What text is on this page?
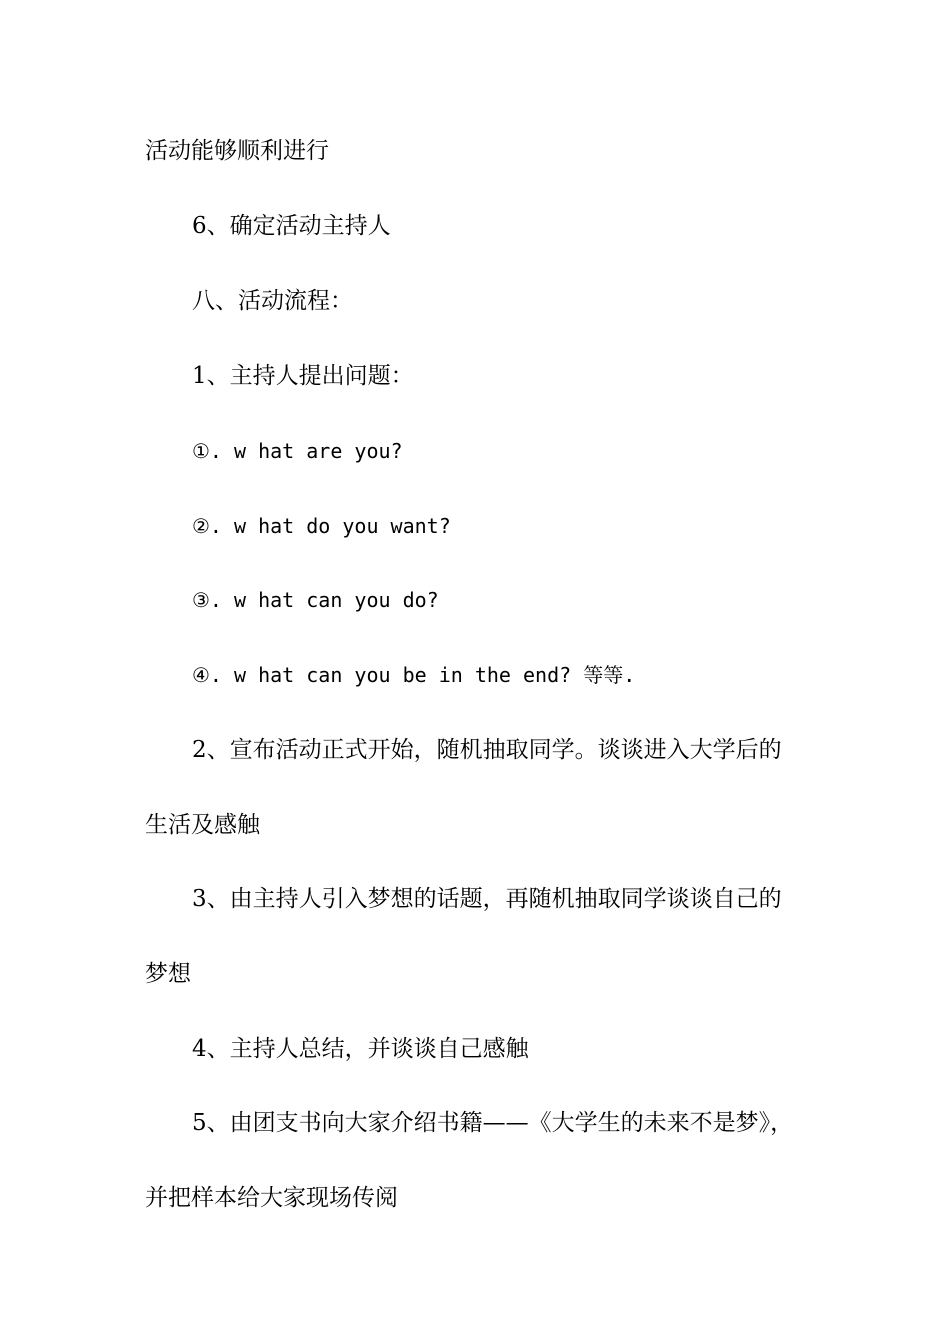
活动能够顺利进行

6、确定活动主持人

八、活动流程：

1、主持人提出问题：

①. w hat are you?

②. w hat do you want?

③. w hat can you do?

④. w hat can you be in the end? 等等.

2、宣布活动正式开始，随机抽取同学。谈谈进入大学后的

生活及感触

3、由主持人引入梦想的话题，再随机抽取同学谈谈自己的

梦想

4、主持人总结，并谈谈自己感触

5、由团支书向大家介绍书籍——《大学生的未来不是梦》，

并把样本给大家现场传阅
